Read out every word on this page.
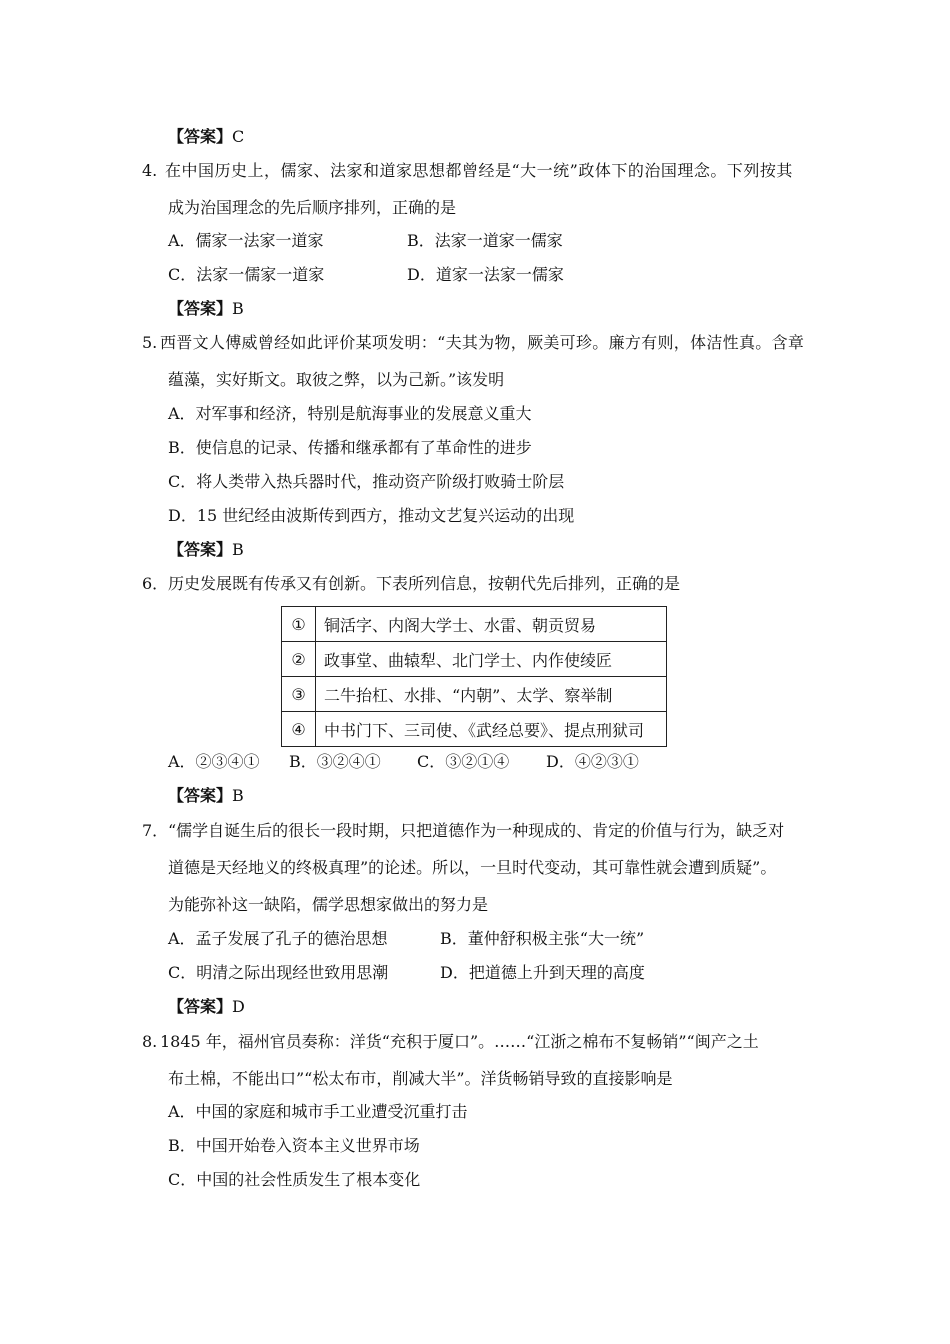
【答案】C
4. 在中国历史上，儒家、法家和道家思想都曾经是“大一统”政体下的治国理念。下列按其
成为治国理念的先后顺序排列，正确的是
A．儒家一法家一道家	B．法家一道家一儒家
C．法家一儒家一道家	D．道家一法家一儒家
【答案】B
5. 西晋文人傅威曾经如此评价某项发明：“夫其为物，厥美可珍。廉方有则，体洁性真。含章
蕴藻，实好斯文。取彼之弊，以为己新。”该发明
A．对军事和经济，特别是航海事业的发展意义重大
B．使信息的记录、传播和继承都有了革命性的进步
C．将人类带入热兵器时代，推动资产阶级打败骑士阶层
D．15 世纪经由波斯传到西方，推动文艺复兴运动的出现
【答案】B
6． 历史发展既有传承又有创新。下表所列信息，按朝代先后排列，正确的是
①	铜活字、内阁大学士、水雷、朝贡贸易
②	政事堂、曲辕犁、北门学士、内作使绫匠
③	二牛抬杠、水排、“内朝”、太学、察举制
④	中书门下、三司使、《武经总要》、提点刑狱司
A．②③④① B．③②④① C．③②①④ D．④②③①
【答案】B
7． “儒学自诞生后的很长一段时期，只把道德作为一种现成的、肯定的价值与行为，缺乏对
道德是天经地义的终极真理”的论述。所以，一旦时代变动，其可靠性就会遭到质疑”。
为能弥补这一缺陷，儒学思想家做出的努力是
A．孟子发展了孔子的德治思想	B．董仲舒积极主张“大一统”
C．明清之际出现经世致用思潮	D．把道德上升到天理的高度
【答案】D
8. 1845 年，福州官员奏称：洋货“充积于厦口”。……“江浙之棉布不复畅销”“闽产之土
布土棉，不能出口”“松太布市，削减大半”。洋货畅销导致的直接影响是
A．中国的家庭和城市手工业遭受沉重打击
B．中国开始卷入资本主义世界市场
C．中国的社会性质发生了根本变化
